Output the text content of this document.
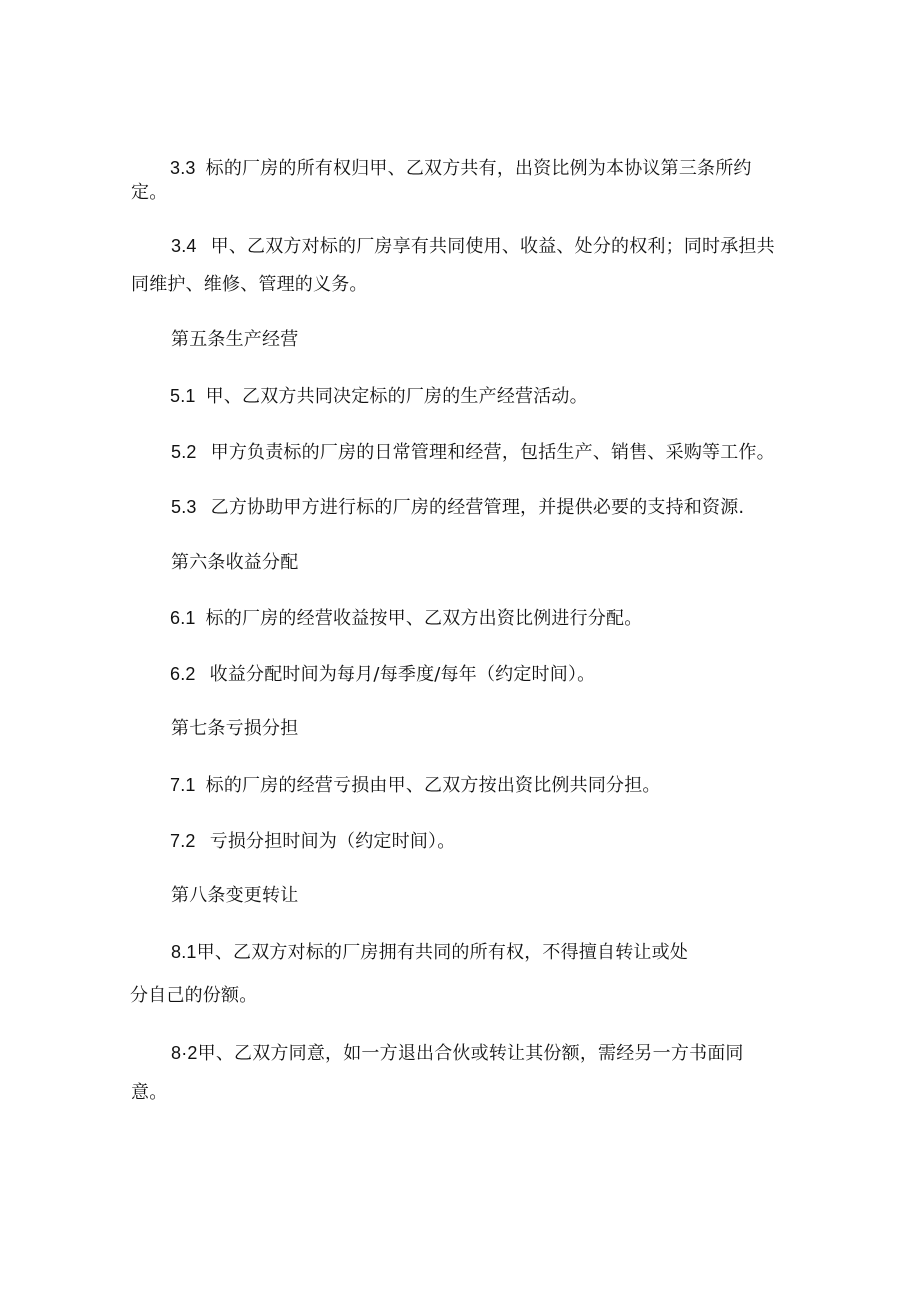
3.3 标的厂房的所有权归甲、乙双方共有，出资比例为本协议第三条所约
定。
3.4 甲、乙双方对标的厂房享有共同使用、收益、处分的权利；同时承担共
同维护、维修、管理的义务。
第五条生产经营
5.1 甲、乙双方共同决定标的厂房的生产经营活动。
5.2 甲方负责标的厂房的日常管理和经营，包括生产、销售、采购等工作。
5.3 乙方协助甲方进行标的厂房的经营管理，并提供必要的支持和资源.
第六条收益分配
6.1 标的厂房的经营收益按甲、乙双方出资比例进行分配。
6.2 收益分配时间为每月/每季度/每年（约定时间）。
第七条亏损分担
7.1 标的厂房的经营亏损由甲、乙双方按出资比例共同分担。
7.2 亏损分担时间为（约定时间）。
第八条变更转让
8.1甲、乙双方对标的厂房拥有共同的所有权，不得擅自转让或处
分自己的份额。
8·2甲、乙双方同意，如一方退出合伙或转让其份额，需经另一方书面同
意。
